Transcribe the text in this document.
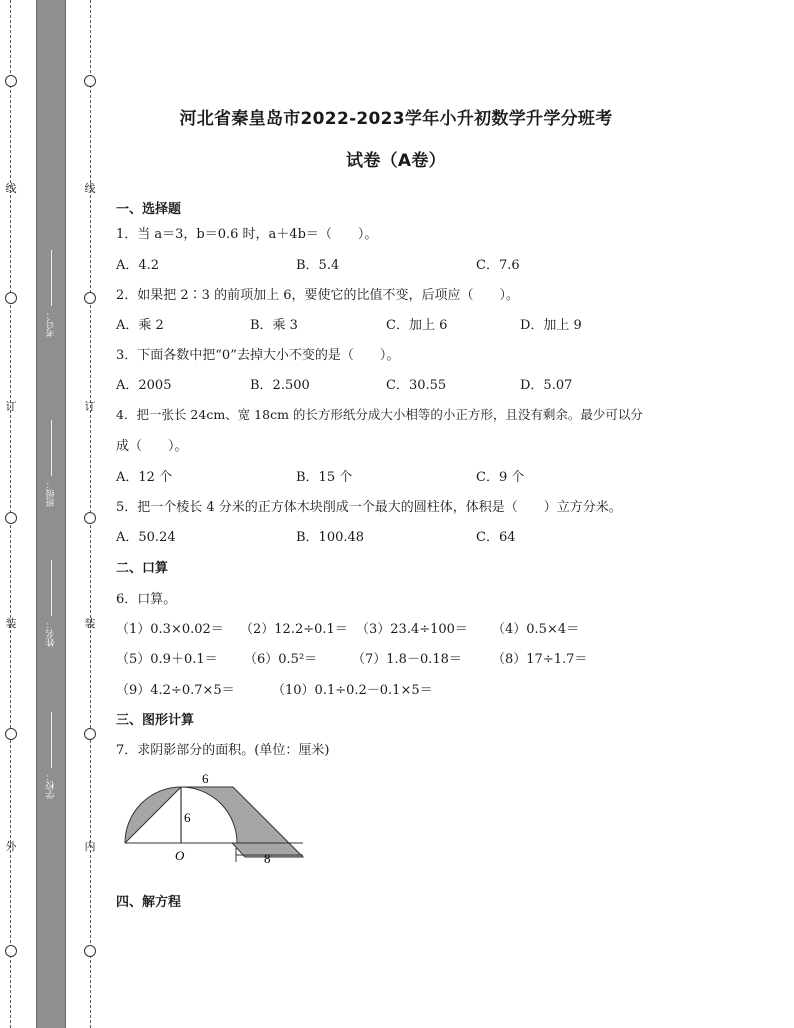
线
订
装
外
线
订
内
装
考号：
班级：
姓名：
学校：
河北省秦皇岛市2022-2023学年小升初数学升学分班考
试卷（A卷）
一、选择题
1．当 a＝3，b＝0.6 时，a＋4b＝（　　）。
A．4.2	B．5.4	C．7.6
2．如果把 2∶3 的前项加上 6，要使它的比值不变，后项应（　　）。
A．乘 2	B．乘 3	C．加上 6	D．加上 9
3．下面各数中把“0”去掉大小不变的是（　　）。
A．2005	B．2.500	C．30.55	D．5.07
4．把一张长 24cm、宽 18cm 的长方形纸分成大小相等的小正方形，且没有剩余。最少可以分
成（　　）。
A．12 个	B．15 个	C．9 个
5．把一个棱长 4 分米的正方体木块削成一个最大的圆柱体，体积是（　　）立方分米。
A．50.24	B．100.48	C．64
二、口算
6．口算。
（1）0.3×0.02＝ （2）12.2÷0.1＝ （3）23.4÷100＝ （4）0.5×4＝
（5）0.9＋0.1＝ （6）0.5²＝	（7）1.8－0.18＝ （8）17÷1.7＝
（9）4.2÷0.7×5＝	（10）0.1÷0.2－0.1×5＝
三、图形计算
7．求阴影部分的面积。(单位：厘米)
四、解方程
6
6
O	8
